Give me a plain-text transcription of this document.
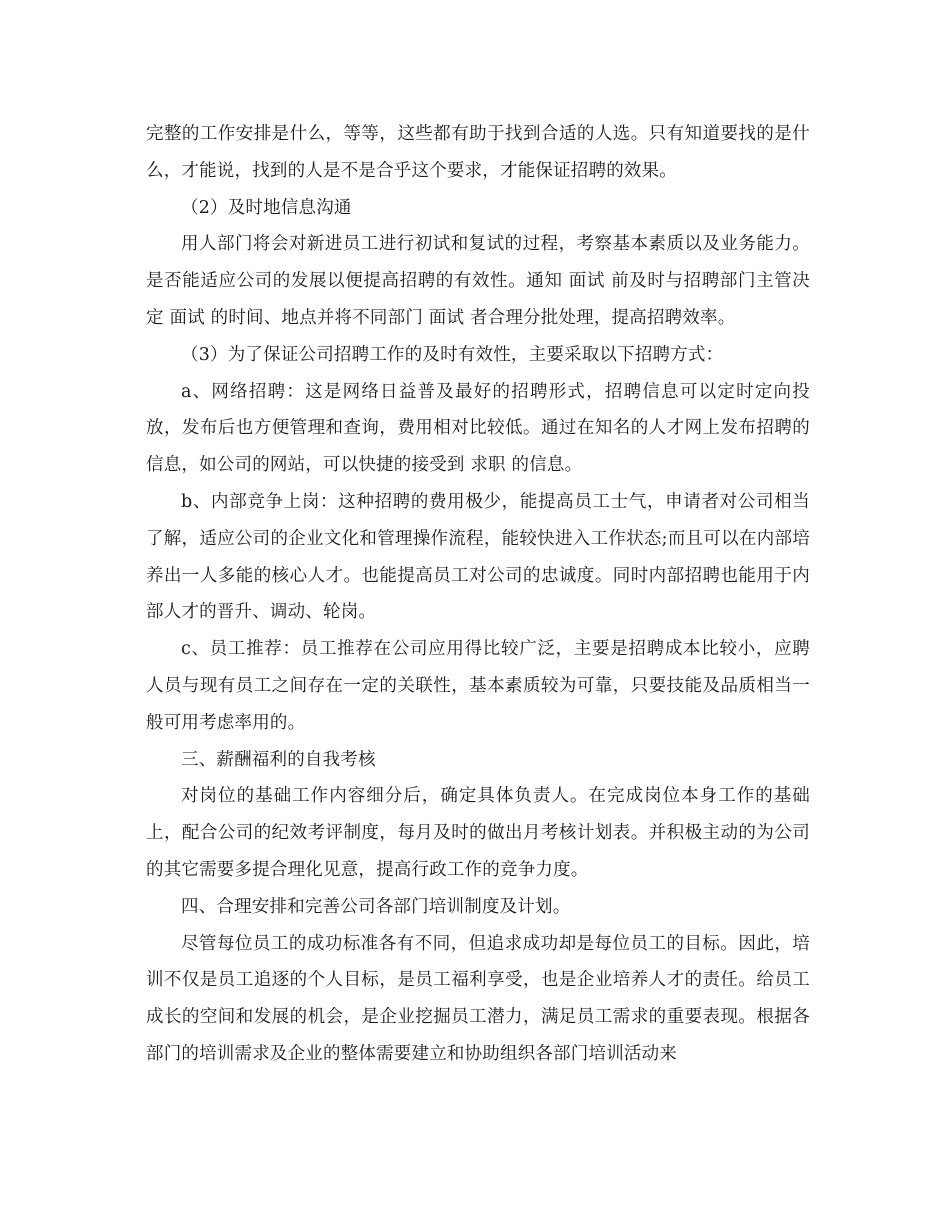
完整的工作安排是什么，等等，这些都有助于找到合适的人选。只有知道要找的是什么，才能说，找到的人是不是合乎这个要求，才能保证招聘的效果。

（2）及时地信息沟通

用人部门将会对新进员工进行初试和复试的过程，考察基本素质以及业务能力。是否能适应公司的发展以便提高招聘的有效性。通知 面试 前及时与招聘部门主管决定 面试 的时间、地点并将不同部门 面试 者合理分批处理，提高招聘效率。

（3）为了保证公司招聘工作的及时有效性，主要采取以下招聘方式：

a、网络招聘：这是网络日益普及最好的招聘形式，招聘信息可以定时定向投放，发布后也方便管理和查询，费用相对比较低。通过在知名的人才网上发布招聘的信息，如公司的网站，可以快捷的接受到 求职 的信息。

b、内部竞争上岗：这种招聘的费用极少，能提高员工士气，申请者对公司相当了解，适应公司的企业文化和管理操作流程，能较快进入工作状态;而且可以在内部培养出一人多能的核心人才。也能提高员工对公司的忠诚度。同时内部招聘也能用于内部人才的晋升、调动、轮岗。

c、员工推荐：员工推荐在公司应用得比较广泛，主要是招聘成本比较小，应聘人员与现有员工之间存在一定的关联性，基本素质较为可靠，只要技能及品质相当一般可用考虑率用的。

三、薪酬福利的自我考核

对岗位的基础工作内容细分后，确定具体负责人。在完成岗位本身工作的基础上，配合公司的纪效考评制度，每月及时的做出月考核计划表。并积极主动的为公司的其它需要多提合理化见意，提高行政工作的竞争力度。

四、合理安排和完善公司各部门培训制度及计划。

尽管每位员工的成功标准各有不同，但追求成功却是每位员工的目标。因此，培训不仅是员工追逐的个人目标，是员工福利享受，也是企业培养人才的责任。给员工成长的空间和发展的机会，是企业挖掘员工潜力，满足员工需求的重要表现。根据各部门的培训需求及企业的整体需要建立和协助组织各部门培训活动来
